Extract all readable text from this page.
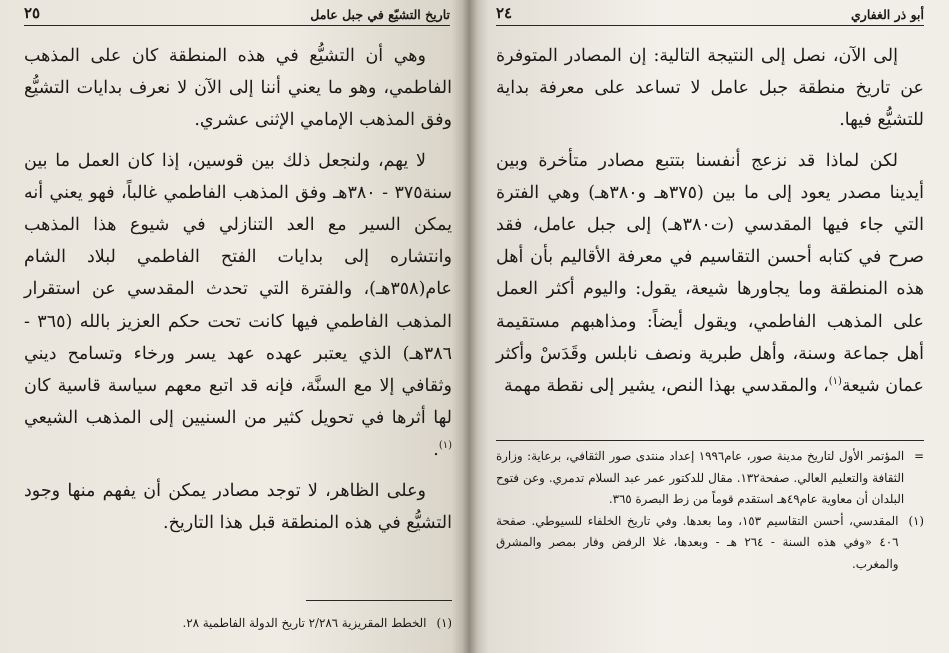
تاريخ التشيّع في جبل عامل
٢٥

وهي أن التشيُّع في هذه المنطقة كان على المذهب الفاطمي، وهو ما يعني أننا إلى الآن لا نعرف بدايات التشيُّع وفق المذهب الإمامي الإثنى عشري.

لا يهم، ولنجعل ذلك بين قوسين، إذا كان العمل ما بين سنة٣٧٥ - ٣٨٠هـ وفق المذهب الفاطمي غالباً، فهو يعني أنه يمكن السير مع العد التنازلي في شيوع هذا المذهب وانتشاره إلى بدايات الفتح الفاطمي لبلاد الشام عام(٣٥٨هـ)، والفترة التي تحدث المقدسي عن استقرار المذهب الفاطمي فيها كانت تحت حكم العزيز بالله (٣٦٥ - ٣٨٦هـ) الذي يعتبر عهده عهد يسر ورخاء وتسامح ديني وثقافي إلا مع السنَّة، فإنه قد اتبع معهم سياسة قاسية كان لها أثرها في تحويل كثير من السنيين إلى المذهب الشيعي $^{(١)}$.

وعلى الظاهر، لا توجد مصادر يمكن أن يفهم منها وجود التشيُّع في هذه المنطقة قبل هذا التاريخ.

(١)
الخطط المقريزية ٢/٢٨٦ تاريخ الدولة الفاطمية ٢٨.
أبو ذر الغفاري
٢٤

إلى الآن، نصل إلى النتيجة التالية: إن المصادر المتوفرة عن تاريخ منطقة جبل عامل لا تساعد على معرفة بداية للتشيُّع فيها.

لكن لماذا قد نزعج أنفسنا بتتبع مصادر متأخرة وبين أيدينا مصدر يعود إلى ما بين (٣٧٥هـ و٣٨٠هـ) وهي الفترة التي جاء فيها المقدسي (ت٣٨٠هـ) إلى جبل عامل، فقد صرح في كتابه أحسن التقاسيم في معرفة الأقاليم بأن أهل هذه المنطقة وما يجاورها شيعة، يقول: واليوم أكثر العمل على المذهب الفاطمي، ويقول أيضاً: ومذاهبهم مستقيمة أهل جماعة وسنة، وأهل طبرية ونصف نابلس وقَدَسْ وأكثر عمان شيعة$^{(١)}$، والمقدسي بهذا النص، يشير إلى نقطة مهمة

=
المؤتمر الأول لتاريخ مدينة صور، عام١٩٩٦ إعداد منتدى صور الثقافي، برعاية: وزارة الثقافة والتعليم العالي. صفحة١٣٢. مقال للدكتور عمر عبد السلام تدمري. وعن فتوح البلدان أن معاوية عام٤٩هـ استقدم قوماً من زط البصرة ٣٦٥.
(١)
المقدسي، أحسن التقاسيم ١٥٣، وما بعدها. وفي تاريخ الخلفاء للسيوطي. صفحة ٤٠٦ «وفي هذه السنة - ٢٦٤ هـ - وبعدها، غلا الرفض وفار بمصر والمشرق والمغرب.
